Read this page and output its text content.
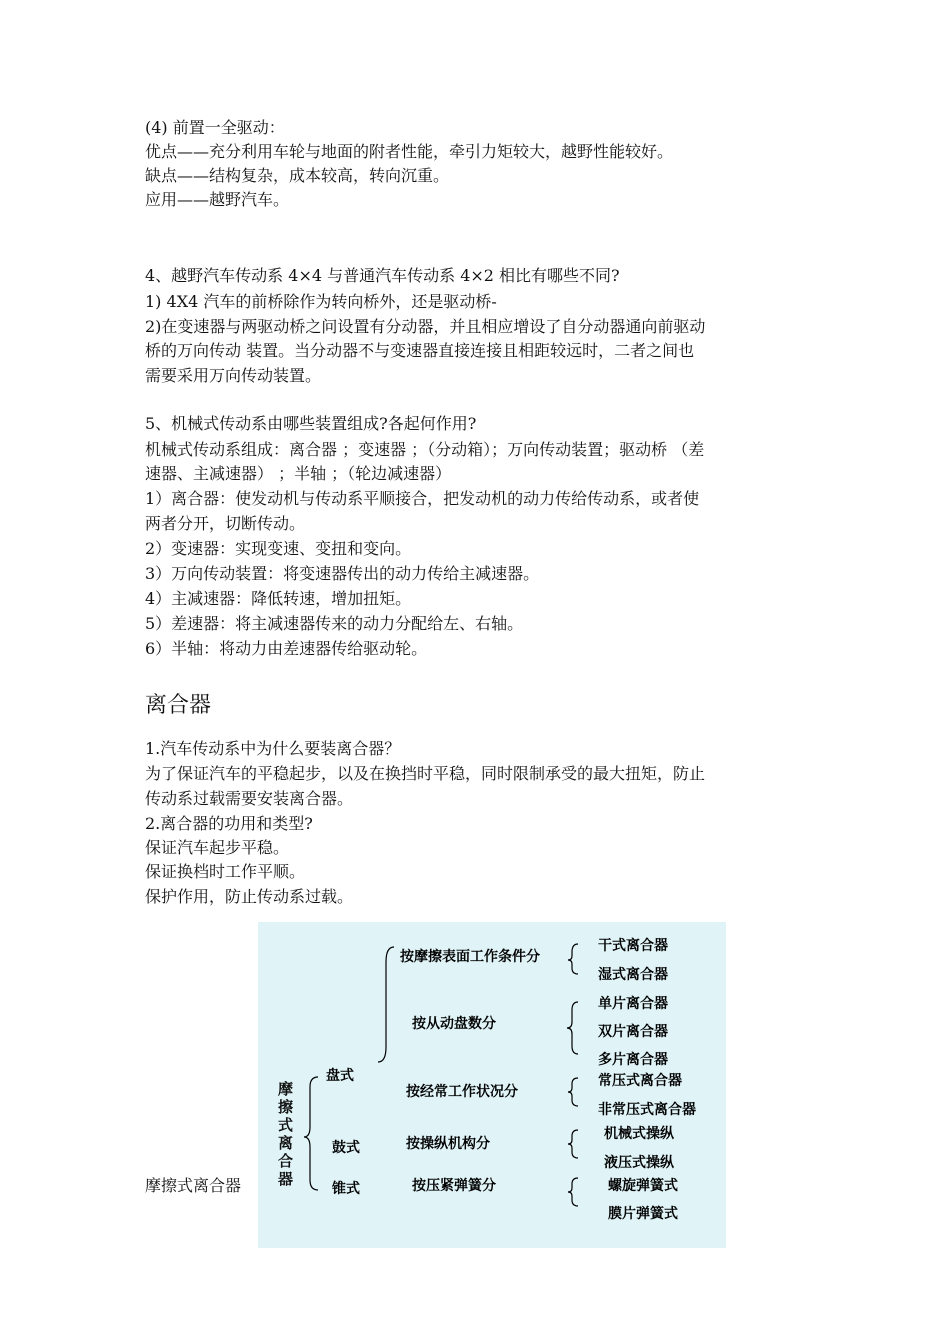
(4) 前置一全驱动：
优点——充分利用车轮与地面的附者性能，牵引力矩较大，越野性能较好。
缺点——结构复杂，成本较高，转向沉重。
应用——越野汽车。
4、越野汽车传动系 4×4 与普通汽车传动系 4×2 相比有哪些不同?
1) 4X4 汽车的前桥除作为转向桥外，还是驱动桥-
2)在变速器与两驱动桥之问设置有分动器，并且相应增设了自分动器通向前驱动
桥的万向传动 装置。当分动器不与变速器直接连接且相距较远时，二者之间也
需要采用万向传动装置。
5、机械式传动系由哪些装置组成?各起何作用?
机械式传动系组成：离合器 ；变速器 ；（分动箱）；万向传动装置；驱动桥 （差
速器、主减速器） ；半轴 ；（轮边减速器）
1）离合器：使发动机与传动系平顺接合，把发动机的动力传给传动系，或者使
两者分开，切断传动。
2）变速器：实现变速、变扭和变向。
3）万向传动装置：将变速器传出的动力传给主减速器。
4）主减速器：降低转速，增加扭矩。
5）差速器：将主减速器传来的动力分配给左、右轴。
6）半轴：将动力由差速器传给驱动轮。
离合器
1.汽车传动系中为什么要装离合器？
为了保证汽车的平稳起步，以及在换挡时平稳，同时限制承受的最大扭矩，防止
传动系过载需要安装离合器。
2.离合器的功用和类型?
保证汽车起步平稳。
保证换档时工作平顺。
保护作用，防止传动系过载。
摩擦式离合器
摩擦式离合器
盘式
鼓式
锥式
按摩擦表面工作条件分
按从动盘数分
按经常工作状况分
按操纵机构分
按压紧弹簧分
干式离合器
湿式离合器
单片离合器
双片离合器
多片离合器
常压式离合器
非常压式离合器
机械式操纵
液压式操纵
螺旋弹簧式
膜片弹簧式
